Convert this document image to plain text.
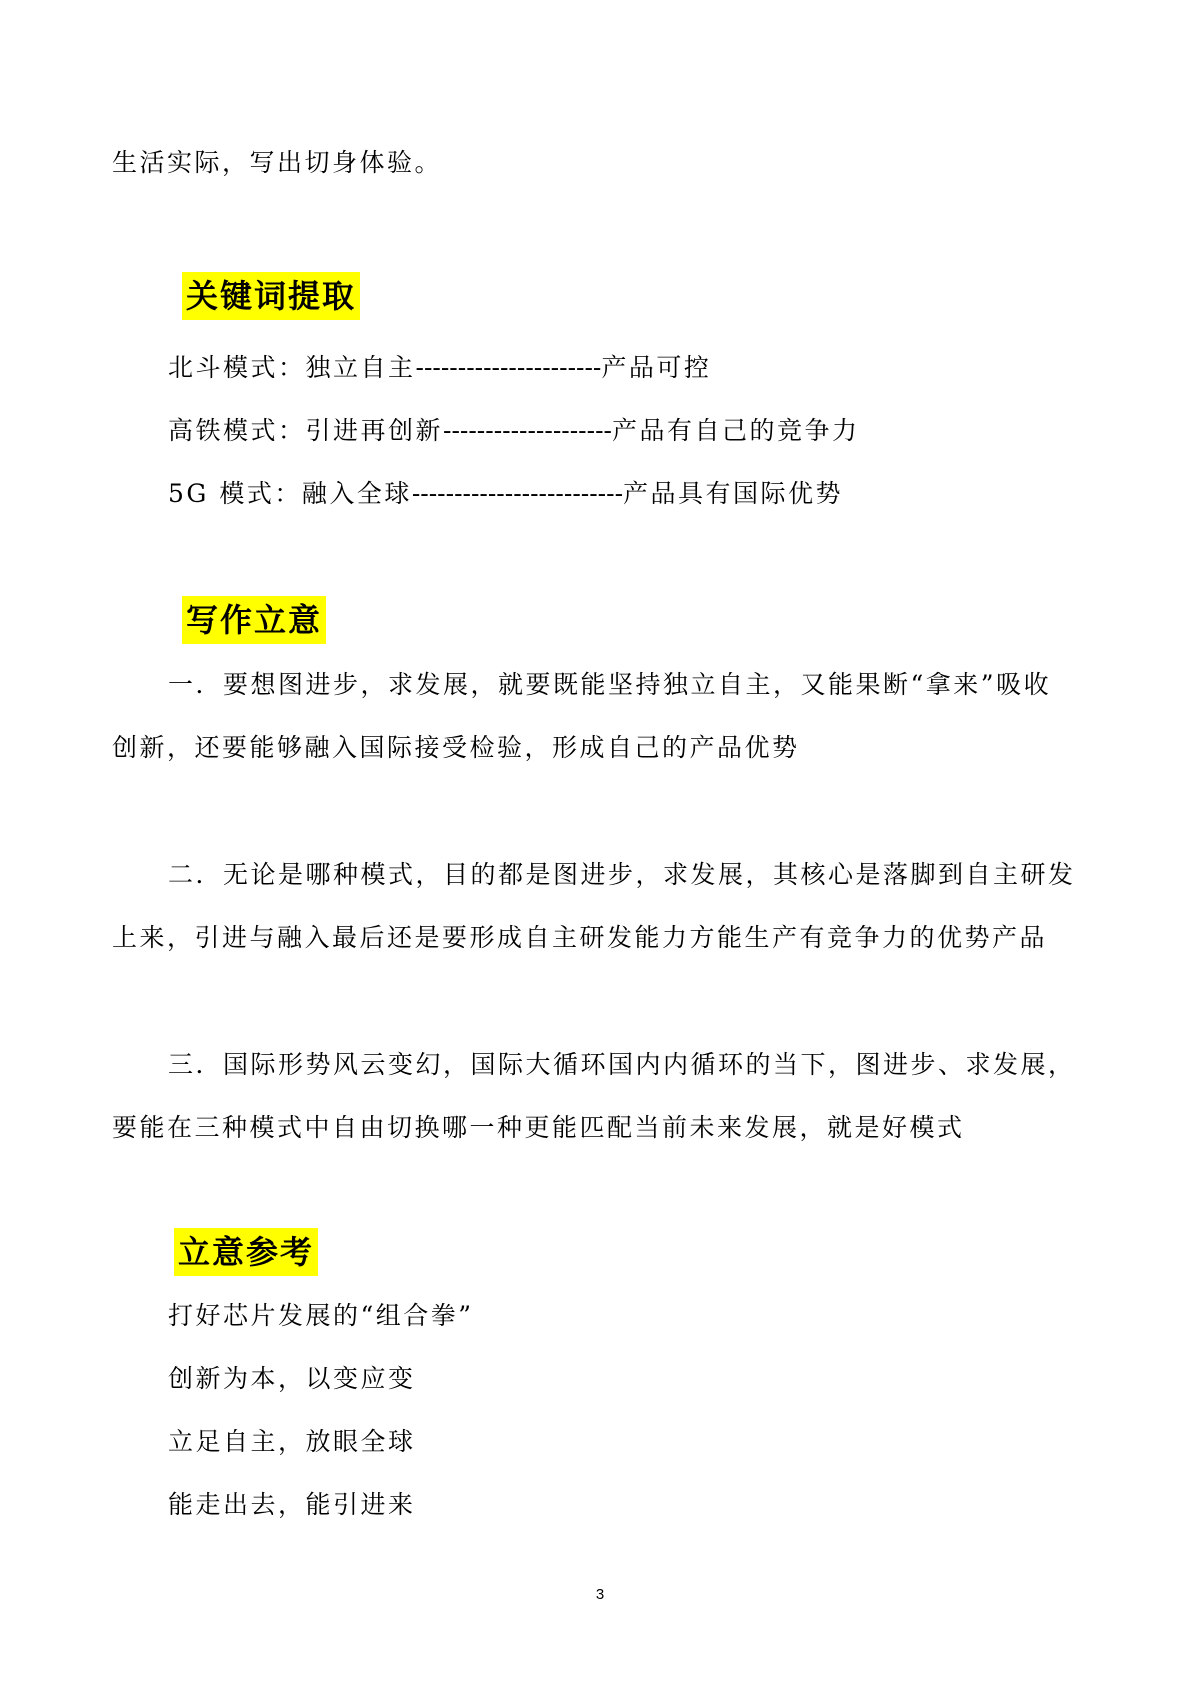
生活实际，写出切身体验。
关键词提取
北斗模式：独立自主----------------------产品可控
高铁模式：引进再创新--------------------产品有自己的竞争力
5G 模式：融入全球-------------------------产品具有国际优势
写作立意
一．要想图进步，求发展，就要既能坚持独立自主，又能果断“拿来”吸收
创新，还要能够融入国际接受检验，形成自己的产品优势
二．无论是哪种模式，目的都是图进步，求发展，其核心是落脚到自主研发
上来，引进与融入最后还是要形成自主研发能力方能生产有竞争力的优势产品
三．国际形势风云变幻，国际大循环国内内循环的当下，图进步、求发展，
要能在三种模式中自由切换哪一种更能匹配当前未来发展，就是好模式
立意参考
打好芯片发展的“组合拳”
创新为本，以变应变
立足自主，放眼全球
能走出去，能引进来
3
